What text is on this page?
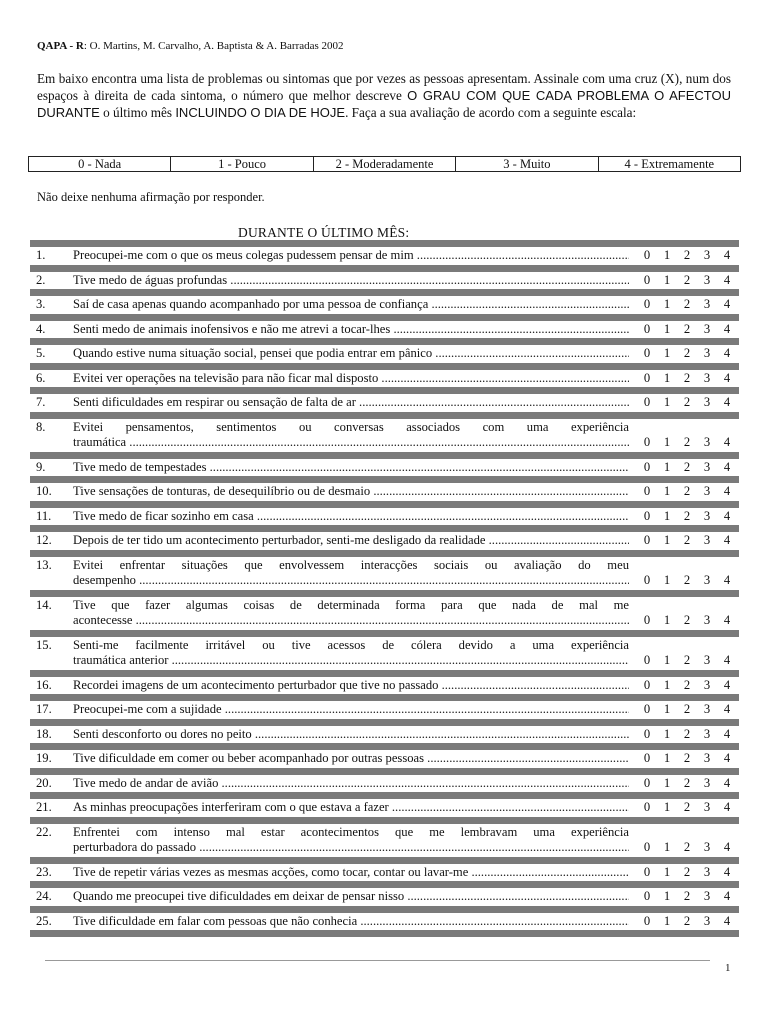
QAPA - R: O. Martins, M. Carvalho, A. Baptista & A. Barradas 2002
Em baixo encontra uma lista de problemas ou sintomas que por vezes as pessoas apresentam. Assinale com uma cruz (X), num dos espaços à direita de cada sintoma, o número que melhor descreve O GRAU COM QUE CADA PROBLEMA O AFECTOU DURANTE o último mês INCLUINDO O DIA DE HOJE. Faça a sua avaliação de acordo com a seguinte escala:
0 - Nada	1 - Pouco	2 - Moderadamente	3 - Muito	4 - Extremamente
Não deixe nenhuma afirmação por responder.
DURANTE O ÚLTIMO MÊS:
1.	Preocupei-me com o que os meus colegas pudessem pensar de mim .....	0	1	2	3	4
2.	Tive medo de águas profundas .....	0	1	2	3	4
3.	Saí de casa apenas quando acompanhado por uma pessoa de confiança .....	0	1	2	3	4
4.	Senti medo de animais inofensivos e não me atrevi a tocar-lhes .....	0	1	2	3	4
5.	Quando estive numa situação social, pensei que podia entrar em pânico .....	0	1	2	3	4
6.	Evitei ver operações na televisão para não ficar mal disposto .....	0	1	2	3	4
7.	Senti dificuldades em respirar ou sensação de falta de ar .....	0	1	2	3	4
8.	Evitei pensamentos, sentimentos ou conversas associados com uma experiência
traumática .....	0	1	2	3	4
9.	Tive medo de tempestades .....	0	1	2	3	4
10.	Tive sensações de tonturas, de desequilíbrio ou de desmaio .....	0	1	2	3	4
11.	Tive medo de ficar sozinho em casa .....	0	1	2	3	4
12.	Depois de ter tido um acontecimento perturbador, senti-me desligado da realidade .....	0	1	2	3	4
13.	Evitei enfrentar situações que envolvessem interacções sociais ou avaliação do meu
desempenho .....	0	1	2	3	4
14.	Tive que fazer algumas coisas de determinada forma para que nada de mal me
acontecesse .....	0	1	2	3	4
15.	Senti-me facilmente irritável ou tive acessos de cólera devido a uma experiência
traumática anterior .....	0	1	2	3	4
16.	Recordei imagens de um acontecimento perturbador que tive no passado .....	0	1	2	3	4
17.	Preocupei-me com a sujidade .....	0	1	2	3	4
18.	Senti desconforto ou dores no peito .....	0	1	2	3	4
19.	Tive dificuldade em comer ou beber acompanhado por outras pessoas .....	0	1	2	3	4
20.	Tive medo de andar de avião .....	0	1	2	3	4
21.	As minhas preocupações interferiram com o que estava a fazer .....	0	1	2	3	4
22.	Enfrentei com intenso mal estar acontecimentos que me lembravam uma experiência
perturbadora do passado .....	0	1	2	3	4
23.	Tive de repetir várias vezes as mesmas acções, como tocar, contar ou lavar-me .....	0	1	2	3	4
24.	Quando me preocupei tive dificuldades em deixar de pensar nisso .....	0	1	2	3	4
25.	Tive dificuldade em falar com pessoas que não conhecia .....	0	1	2	3	4
1
